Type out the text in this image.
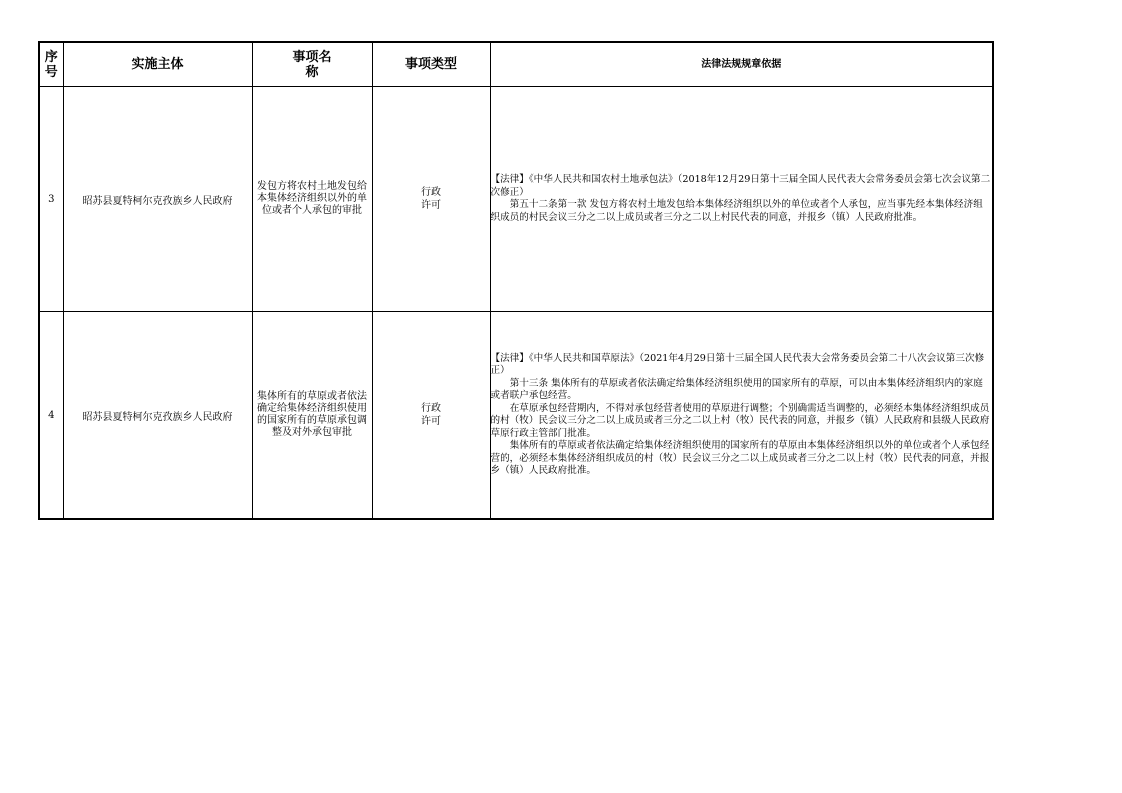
序号	实施主体	事项名称	事项类型	法律法规规章依据
3	昭苏县夏特柯尔克孜族乡人民政府	发包方将农村土地发包给本集体经济组织以外的单位或者个人承包的审批	行政许可	【法律】《中华人民共和国农村土地承包法》（2018年12月29日第十三届全国人民代表大会常务委员会第七次会议第二次修正）

第五十二条第一款 发包方将农村土地发包给本集体经济组织以外的单位或者个人承包，应当事先经本集体经济组织成员的村民会议三分之二以上成员或者三分之二以上村民代表的同意，并报乡（镇）人民政府批准。

4	昭苏县夏特柯尔克孜族乡人民政府	集体所有的草原或者依法确定给集体经济组织使用的国家所有的草原承包调整及对外承包审批	行政许可	【法律】《中华人民共和国草原法》（2021年4月29日第十三届全国人民代表大会常务委员会第二十八次会议第三次修正）

第十三条 集体所有的草原或者依法确定给集体经济组织使用的国家所有的草原，可以由本集体经济组织内的家庭或者联户承包经营。

在草原承包经营期内，不得对承包经营者使用的草原进行调整；个别确需适当调整的，必须经本集体经济组织成员的村（牧）民会议三分之二以上成员或者三分之二以上村（牧）民代表的同意，并报乡（镇）人民政府和县级人民政府草原行政主管部门批准。

集体所有的草原或者依法确定给集体经济组织使用的国家所有的草原由本集体经济组织以外的单位或者个人承包经营的，必须经本集体经济组织成员的村（牧）民会议三分之二以上成员或者三分之二以上村（牧）民代表的同意，并报乡（镇）人民政府批准。
